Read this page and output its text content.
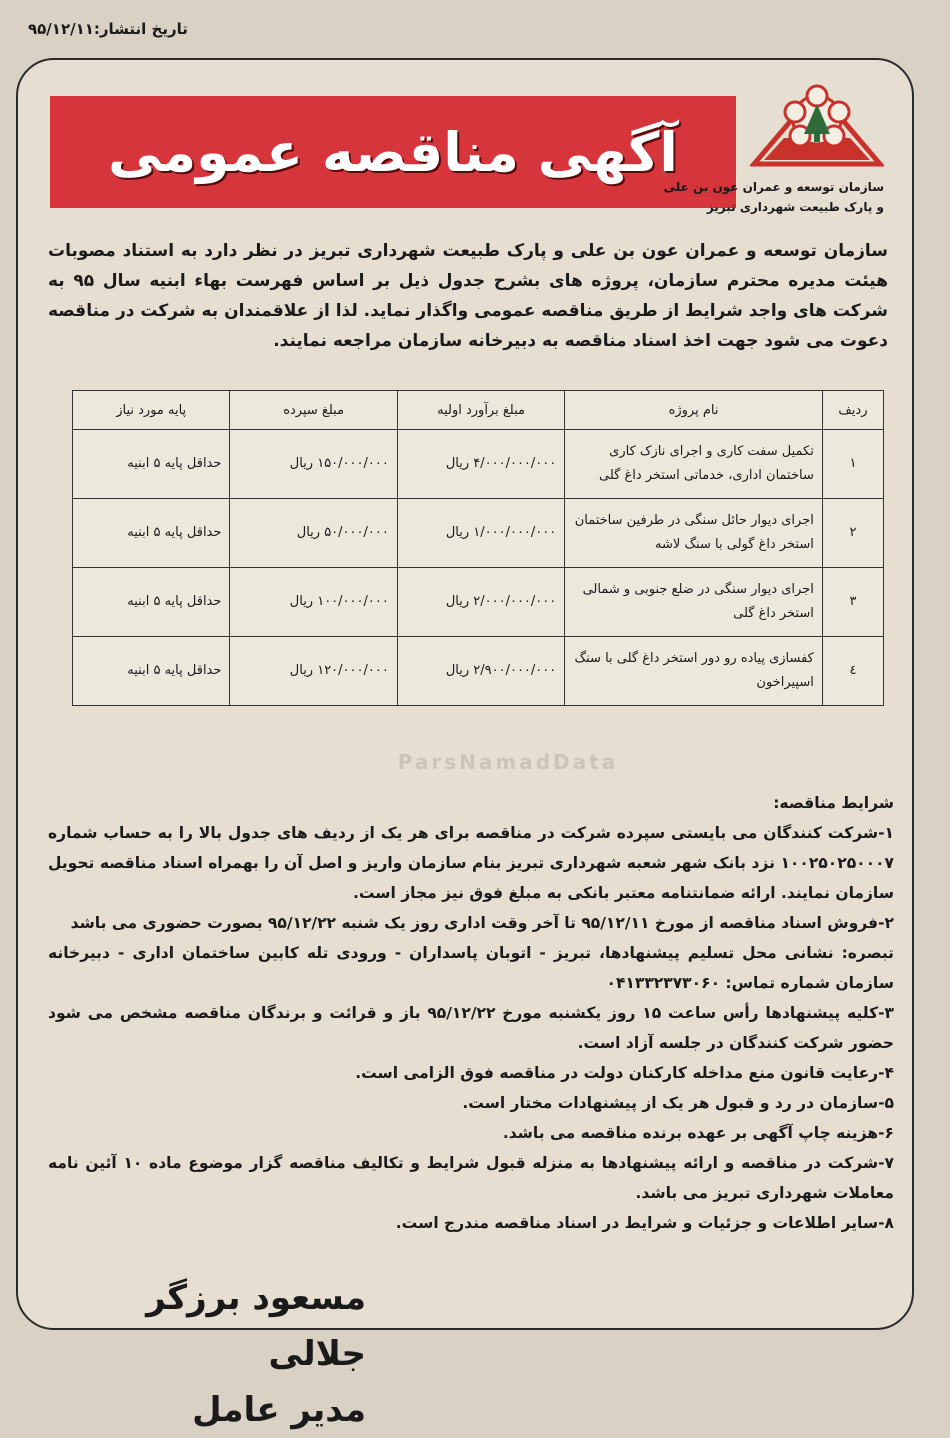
تاریخ انتشار:۹۵/۱۲/۱۱
آگهی مناقصه عمومی
سازمان توسعه و عمران عون بن علی
و پارک طبیعت شهرداری تبریز
سازمان توسعه و عمران عون بن علی و پارک طبیعت شهرداری تبریز در نظر دارد به استناد مصوبات هیئت مدیره محترم سازمان، پروژه های بشرح جدول ذیل بر اساس فهرست بهاء ابنیه سال ۹۵ به شرکت های واجد شرایط از طریق مناقصه عمومی واگذار نماید. لذا از علاقمندان به شرکت در مناقصه دعوت می شود جهت اخذ اسناد مناقصه به دبیرخانه سازمان مراجعه نمایند.
ردیف	نام پروژه	مبلغ برآورد اولیه	مبلغ سپرده	پایه مورد نیاز
۱	تکمیل سفت کاری و اجرای نازک کاری ساختمان اداری، خدماتی استخر داغ گلی	۴/۰۰۰/۰۰۰/۰۰۰ ریال	۱۵۰/۰۰۰/۰۰۰ ریال	حداقل پایه ۵ ابنیه
۲	اجرای دیوار حائل سنگی در طرفین ساختمان استخر داغ گولی با سنگ لاشه	۱/۰۰۰/۰۰۰/۰۰۰ ریال	۵۰/۰۰۰/۰۰۰ ریال	حداقل پایه ۵ ابنیه
۳	اجرای دیوار سنگی در ضلع جنوبی و شمالی استخر داغ گلی	۲/۰۰۰/۰۰۰/۰۰۰ ریال	۱۰۰/۰۰۰/۰۰۰ ریال	حداقل پایه ۵ ابنیه
٤	کفسازی پیاده رو دور استخر داغ گلی با سنگ اسپیراخون	۲/۹۰۰/۰۰۰/۰۰۰ ریال	۱۲۰/۰۰۰/۰۰۰ ریال	حداقل پایه ۵ ابنیه
ParsNamadData

شرایط مناقصه:

۱-شرکت کنندگان می بایستی سپرده شرکت در مناقصه برای هر یک از ردیف های جدول بالا را به حساب شماره ۱۰۰۲۵۰۲۵۰۰۰۷ نزد بانک شهر شعبه شهرداری تبریز بنام سازمان واریز و اصل آن را بهمراه اسناد مناقصه تحویل سازمان نمایند. ارائه ضمانتنامه معتبر بانکی به مبلغ فوق نیز مجاز است.

۲-فروش اسناد مناقصه از مورخ ۹۵/۱۲/۱۱ تا آخر وقت اداری روز یک شنبه ۹۵/۱۲/۲۲ بصورت حضوری می باشد

تبصره: نشانی محل تسلیم پیشنهادها، تبریز - اتوبان پاسداران - ورودی تله کابین ساختمان اداری - دبیرخانه سازمان شماره تماس: ۰۴۱۳۳۲۳۷۳۰۶۰

۳-کلیه پیشنهادها رأس ساعت ۱۵ روز یکشنبه مورخ ۹۵/۱۲/۲۲ باز و قرائت و برندگان مناقصه مشخص می شود حضور شرکت کنندگان در جلسه آزاد است.

۴-رعایت قانون منع مداخله کارکنان دولت در مناقصه فوق الزامی است.

۵-سازمان در رد و قبول هر یک از پیشنهادات مختار است.

۶-هزینه چاپ آگهی بر عهده برنده مناقصه می باشد.

۷-شرکت در مناقصه و ارائه پیشنهادها به منزله قبول شرایط و تکالیف مناقصه گزار موضوع ماده ۱۰ آئین نامه معاملات شهرداری تبریز می باشد.

۸-سایر اطلاعات و جزئیات و شرایط در اسناد مناقصه مندرج است.

مسعود برزگر جلالی
مدیر عامل
